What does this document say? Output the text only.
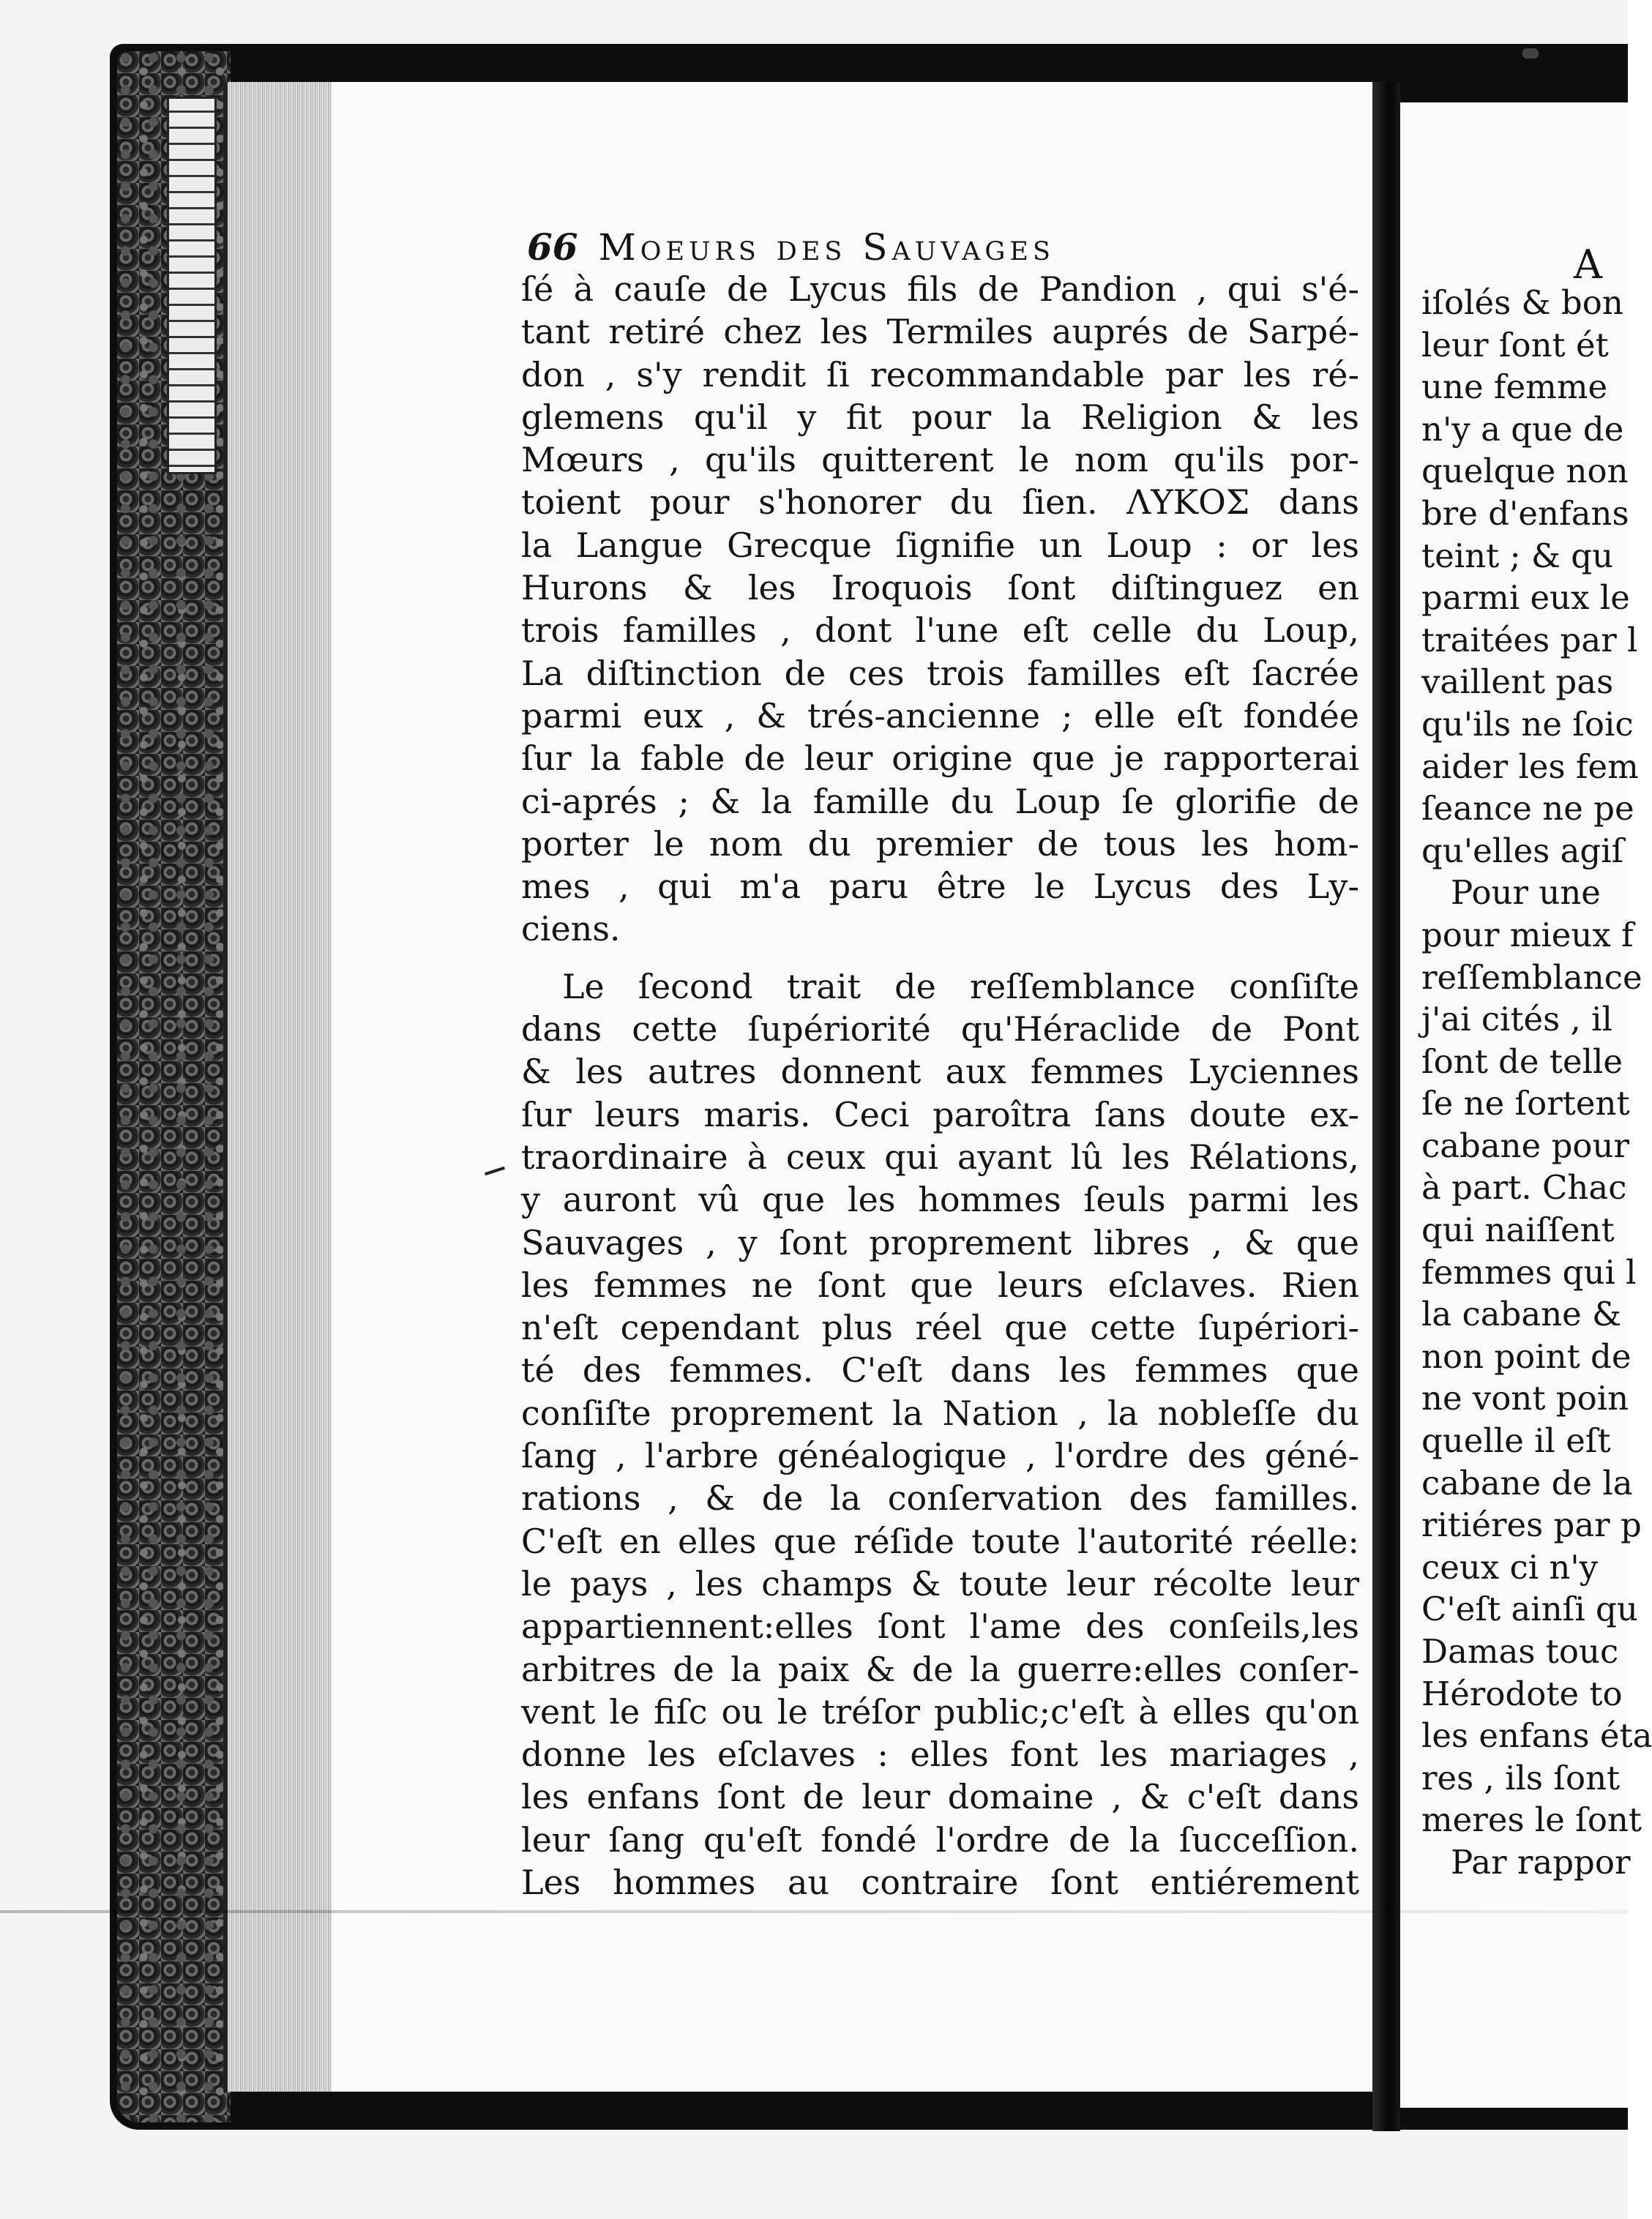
66 Moeurs des Sauvages
ſé à cauſe de Lycus fils de Pandion , qui s'é-
tant retiré chez les Termiles auprés de Sarpé-
don , s'y rendit ſi recommandable par les ré-
glemens qu'il y fit pour la Religion & les
Mœurs , qu'ils quitterent le nom qu'ils por-
toient pour s'honorer du ſien. ΛΥΚΟΣ dans
la Langue Grecque ſignifie un Loup : or les
Hurons & les Iroquois ſont diſtinguez en
trois familles , dont l'une eſt celle du Loup,
La diſtinction de ces trois familles eſt ſacrée
parmi eux , & trés-ancienne ; elle eſt fondée
ſur la fable de leur origine que je rapporterai
ci-aprés ; & la famille du Loup ſe glorifie de
porter le nom du premier de tous les hom-
mes , qui m'a paru être le Lycus des Ly-
ciens.
Le ſecond trait de reſſemblance conſiſte
dans cette ſupériorité qu'Héraclide de Pont
& les autres donnent aux femmes Lyciennes
ſur leurs maris. Ceci paroîtra ſans doute ex-
traordinaire à ceux qui ayant lû les Rélations,
y auront vû que les hommes ſeuls parmi les
Sauvages , y ſont proprement libres , & que
les femmes ne ſont que leurs eſclaves. Rien
n'eſt cependant plus réel que cette ſupériori-
té des femmes. C'eſt dans les femmes que
conſiſte proprement la Nation , la nobleſſe du
ſang , l'arbre généalogique , l'ordre des géné-
rations , & de la conſervation des familles.
C'eſt en elles que réſide toute l'autorité réelle:
le pays , les champs & toute leur récolte leur
appartiennent:elles ſont l'ame des conſeils,les
arbitres de la paix & de la guerre:elles conſer-
vent le fiſc ou le tréſor public;c'eſt à elles qu'on
donne les eſclaves : elles font les mariages ,
les enfans ſont de leur domaine , & c'eſt dans
leur ſang qu'eſt fondé l'ordre de la ſucceſſion.
Les hommes au contraire ſont entiérement
A
iſolés & bon
leur ſont ét
une femme
n'y a que de
quelque non
bre d'enfans
teint ; & qu
parmi eux le
traitées par l
vaillent pas
qu'ils ne ſoic
aider les fem
ſeance ne pe
qu'elles agiſ
Pour une
pour mieux f
reſſemblance
j'ai cités , il
ſont de telle
ſe ne ſortent
cabane pour
à part. Chac
qui naiſſent
femmes qui l
la cabane &
non point de
ne vont poin
quelle il eſt
cabane de la
ritiéres par p
ceux ci n'y
C'eſt ainſi qu
Damas touc
Hérodote to
les enfans éta
res , ils ſont
meres le ſont
Par rappor
